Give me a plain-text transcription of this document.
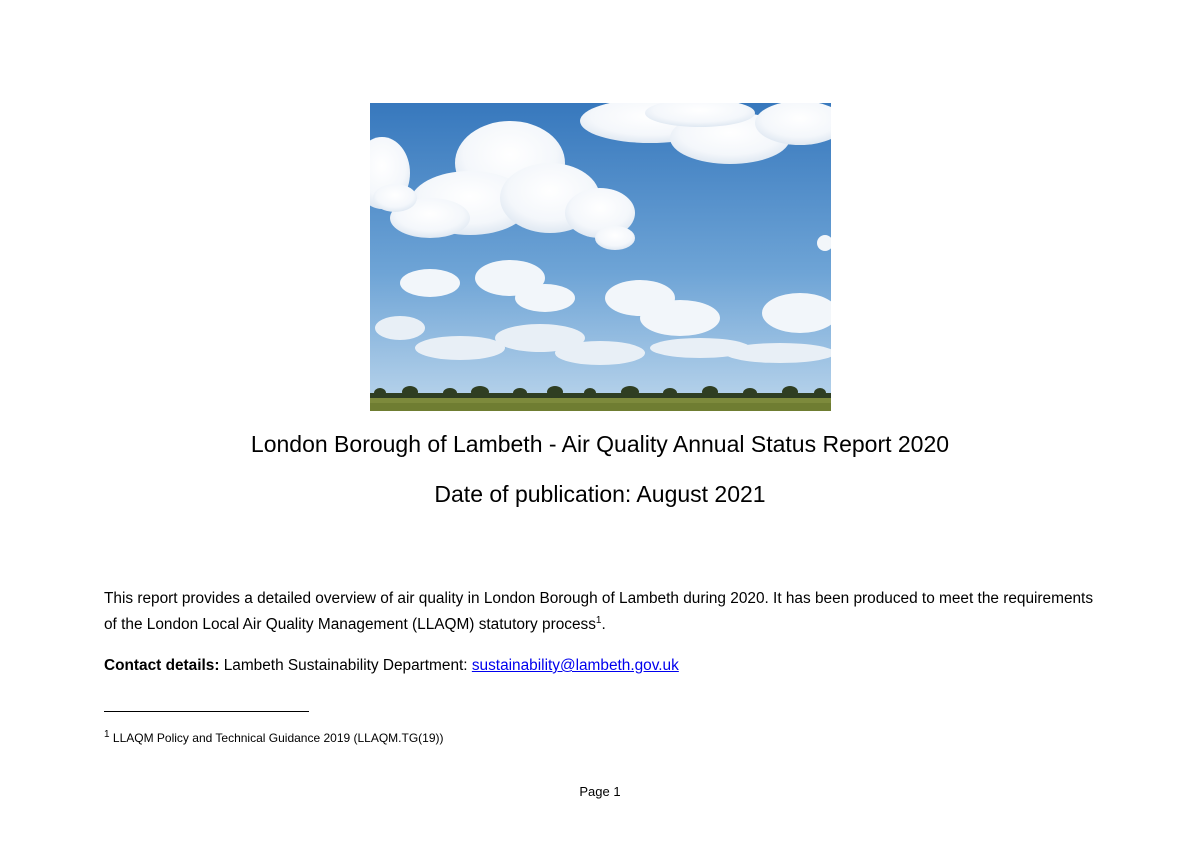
London Borough of Lambeth - Air Quality Annual Status Report 2020
Date of publication: August 2021
This report provides a detailed overview of air quality in London Borough of Lambeth during 2020. It has been produced to meet the requirements of the London Local Air Quality Management (LLAQM) statutory process$^1$.
Contact details: Lambeth Sustainability Department: sustainability@lambeth.gov.uk
$^1$ LLAQM Policy and Technical Guidance 2019 (LLAQM.TG(19))
Page 1
